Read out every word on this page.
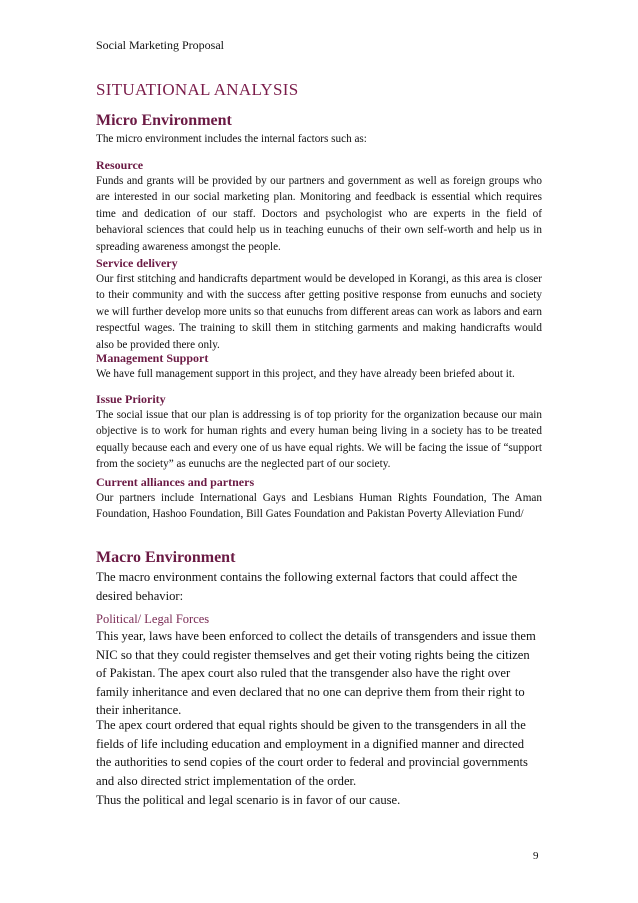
Social Marketing Proposal
SITUATIONAL ANALYSIS
Micro Environment

The micro environment includes the internal factors such as:

Resource

Funds and grants will be provided by our partners and government as well as foreign groups who are interested in our social marketing plan. Monitoring and feedback is essential which requires time and dedication of our staff. Doctors and psychologist who are experts in the field of behavioral sciences that could help us in teaching eunuchs of their own self-worth and help us in spreading awareness amongst the people.

Service delivery

Our first stitching and handicrafts department would be developed in Korangi, as this area is closer to their community and with the success after getting positive response from eunuchs and society we will further develop more units so that eunuchs from different areas can work as labors and earn respectful wages. The training to skill them in stitching garments and making handicrafts would also be provided there only.

Management Support

We have full management support in this project, and they have already been briefed about it.

Issue Priority

The social issue that our plan is addressing is of top priority for the organization because our main objective is to work for human rights and every human being living in a society has to be treated equally because each and every one of us have equal rights. We will be facing the issue of “support from the society” as eunuchs are the neglected part of our society.

Current alliances and partners

Our partners include International Gays and Lesbians Human Rights Foundation, The Aman Foundation, Hashoo Foundation, Bill Gates Foundation and Pakistan Poverty Alleviation Fund/

Macro Environment

The macro environment contains the following external factors that could affect the desired behavior:

Political/ Legal Forces

This year, laws have been enforced to collect the details of transgenders and issue them NIC so that they could register themselves and get their voting rights being the citizen of Pakistan. The apex court also ruled that the transgender also have the right over family inheritance and even declared that no one can deprive them from their right to their inheritance.

The apex court ordered that equal rights should be given to the transgenders in all the fields of life including education and employment in a dignified manner and directed the authorities to send copies of the court order to federal and provincial governments and also directed strict implementation of the order.

Thus the political and legal scenario is in favor of our cause.

9
